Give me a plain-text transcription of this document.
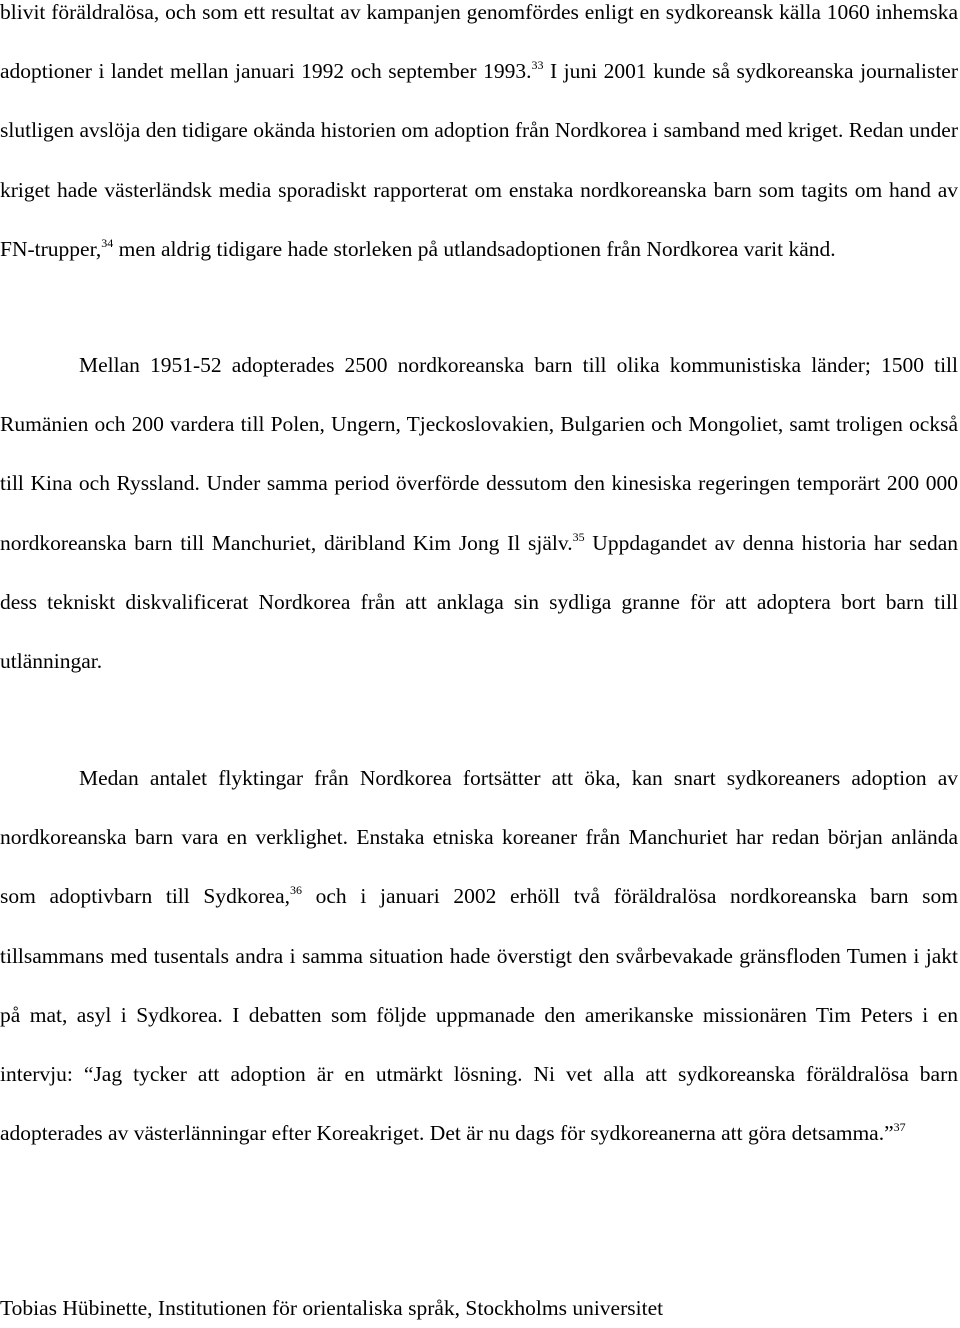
blivit föräldralösa, och som ett resultat av kampanjen genomfördes enligt en sydkoreansk källa 1060 inhemska adoptioner i landet mellan januari 1992 och september 1993.33 I juni 2001 kunde så sydkoreanska journalister slutligen avslöja den tidigare okända historien om adoption från Nordkorea i samband med kriget. Redan under kriget hade västerländsk media sporadiskt rapporterat om enstaka nordkoreanska barn som tagits om hand av FN-trupper,$^{34}$ men aldrig tidigare hade storleken på utlandsadoptionen från Nordkorea varit känd.

Mellan 1951-52 adopterades 2500 nordkoreanska barn till olika kommunistiska länder; 1500 till Rumänien och 200 vardera till Polen, Ungern, Tjeckoslovakien, Bulgarien och Mongoliet, samt troligen också till Kina och Ryssland. Under samma period överförde dessutom den kinesiska regeringen temporärt 200 000 nordkoreanska barn till Manchuriet, däribland Kim Jong Il själv.$^{35}$ Uppdagandet av denna historia har sedan dess tekniskt diskvalificerat Nordkorea från att anklaga sin sydliga granne för att adoptera bort barn till utlänningar.

Medan antalet flyktingar från Nordkorea fortsätter att öka, kan snart sydkoreaners adoption av nordkoreanska barn vara en verklighet. Enstaka etniska koreaner från Manchuriet har redan början anlända som adoptivbarn till Sydkorea,$^{36}$ och i januari 2002 erhöll två föräldralösa nordkoreanska barn som tillsammans med tusentals andra i samma situation hade överstigt den svårbevakade gränsfloden Tumen i jakt på mat, asyl i Sydkorea. I debatten som följde uppmanade den amerikanske missionären Tim Peters i en intervju: “Jag tycker att adoption är en utmärkt lösning. Ni vet alla att sydkoreanska föräldralösa barn adopterades av västerlänningar efter Koreakriget. Det är nu dags för sydkoreanerna att göra detsamma.”$^{37}$

Tobias Hübinette, Institutionen för orientaliska språk, Stockholms universitet
